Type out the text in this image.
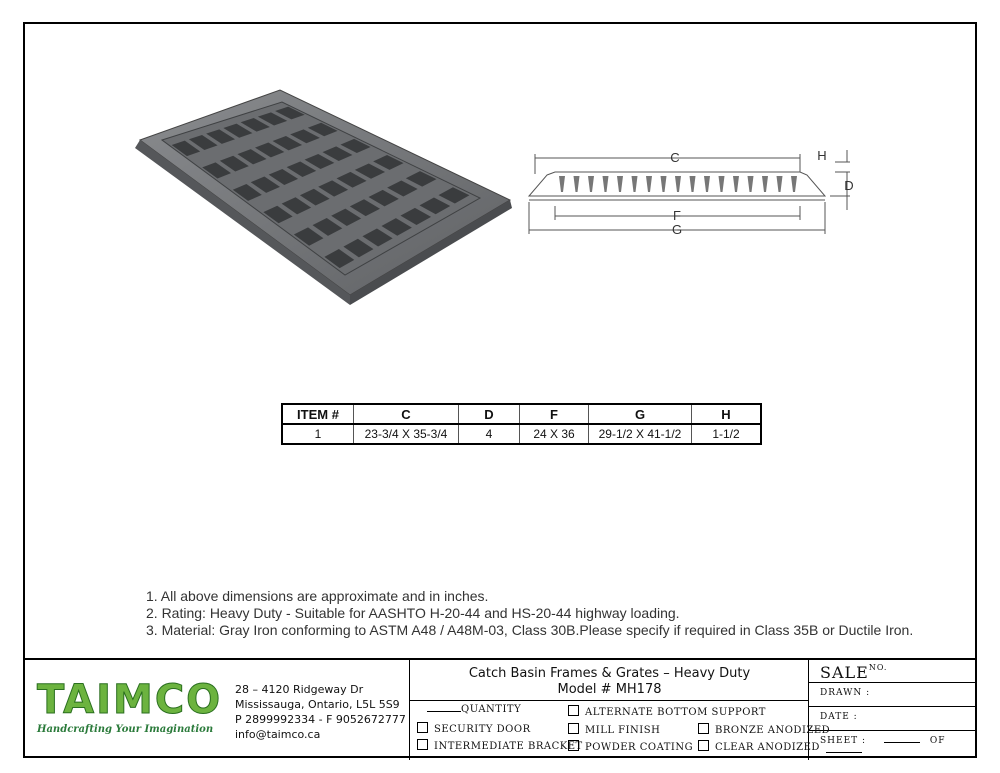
C	H
D
F
G
ITEM #	C	D	F	G	H
1	23-3/4 X 35-3/4	4	24 X 36	29-1/2 X 41-1/2	1-1/2
1. All above dimensions are approximate and in inches.
2. Rating: Heavy Duty - Suitable for AASHTO H-20-44 and HS-20-44 highway loading.
3. Material: Gray Iron conforming to ASTM A48 / A48M-03, Class 30B.Please specify if required in Class 35B or Ductile Iron.
TAIMCO
Handcrafting Your Imagination
28 – 4120 Ridgeway Dr
Mississauga, Ontario, L5L 5S9
P 2899992334 - F 9052672777
info@taimco.ca
Catch Basin Frames & Grates – Heavy Duty
Model # MH178
QUANTITY
SECURITY DOOR
INTERMEDIATE BRACKET
ALTERNATE BOTTOM SUPPORT
MILL FINISH
POWDER COATING
BRONZE ANODIZED
CLEAR ANODIZED
$SALE^{NO.}$
DRAWN :
DATE :
SHEET :	OF
